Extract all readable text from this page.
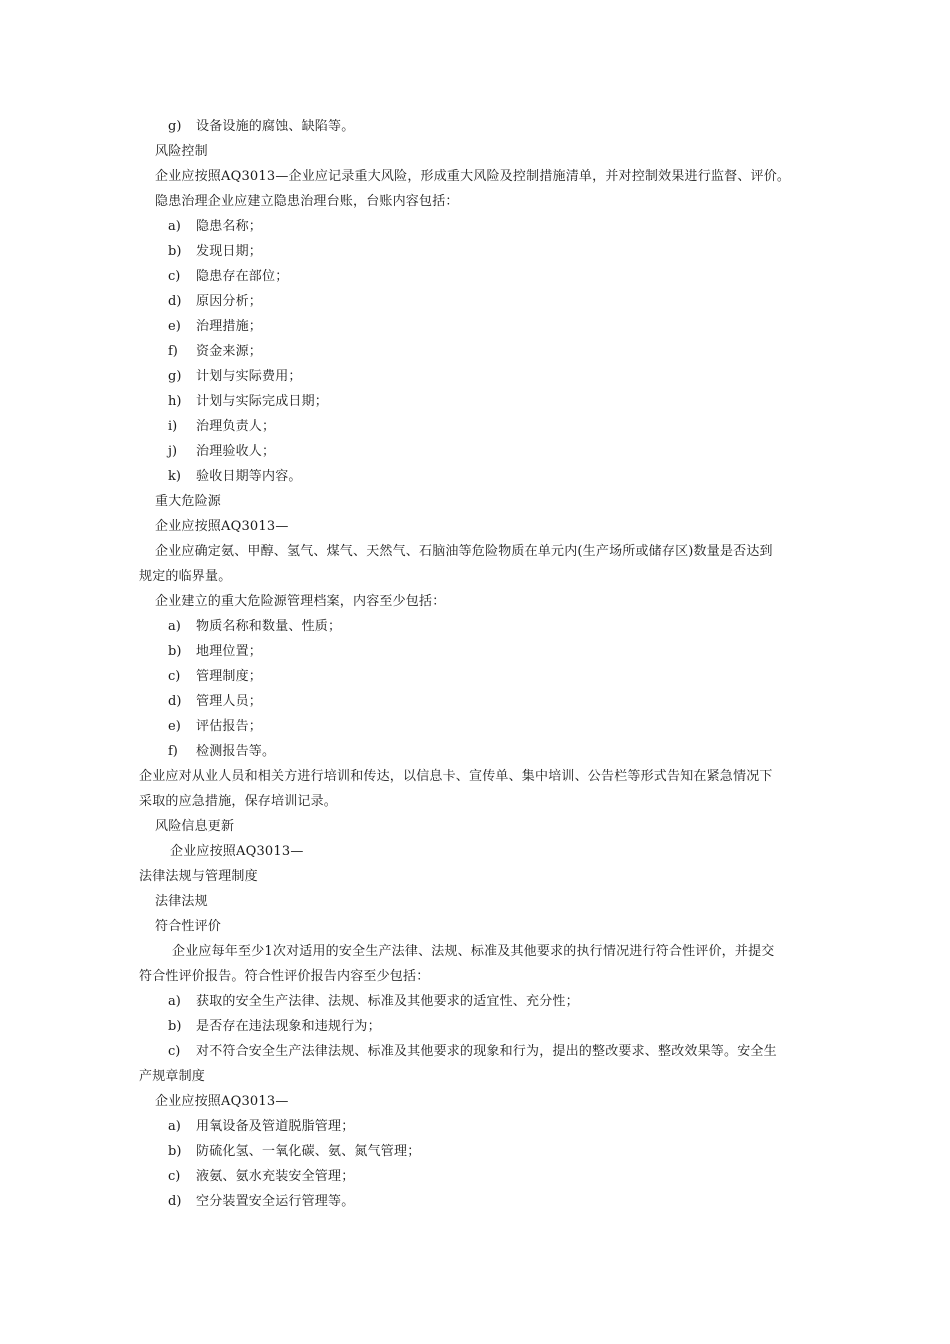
g)	设备设施的腐蚀、缺陷等。
风险控制
企业应按照AQ3013—企业应记录重大风险，形成重大风险及控制措施清单，并对控制效果进行监督、评价。
隐患治理企业应建立隐患治理台账，台账内容包括：
a)	隐患名称；
b)	发现日期；
c)	隐患存在部位；
d)	原因分析；
e)	治理措施；
f)	资金来源；
g)	计划与实际费用；
h)	计划与实际完成日期；
i)	治理负责人；
j)	治理验收人；
k)	验收日期等内容。
重大危险源
企业应按照AQ3013—
企业应确定氨、甲醇、氢气、煤气、天然气、石脑油等危险物质在单元内(生产场所或储存区)数量是否达到
规定的临界量。
企业建立的重大危险源管理档案，内容至少包括：
a)	物质名称和数量、性质；
b)	地理位置；
c)	管理制度；
d)	管理人员；
e)	评估报告；
f)	检测报告等。
企业应对从业人员和相关方进行培训和传达，以信息卡、宣传单、集中培训、公告栏等形式告知在紧急情况下
采取的应急措施，保存培训记录。
风险信息更新
企业应按照AQ3013—
法律法规与管理制度
法律法规
符合性评价
企业应每年至少1次对适用的安全生产法律、法规、标准及其他要求的执行情况进行符合性评价，并提交
符合性评价报告。符合性评价报告内容至少包括：
a)	获取的安全生产法律、法规、标准及其他要求的适宜性、充分性；
b)	是否存在违法现象和违规行为；
c)	对不符合安全生产法律法规、标准及其他要求的现象和行为，提出的整改要求、整改效果等。安全生
产规章制度
企业应按照AQ3013—
a)	用氧设备及管道脱脂管理；
b)	防硫化氢、一氧化碳、氨、氮气管理；
c)	液氨、氨水充装安全管理；
d)	空分装置安全运行管理等。
